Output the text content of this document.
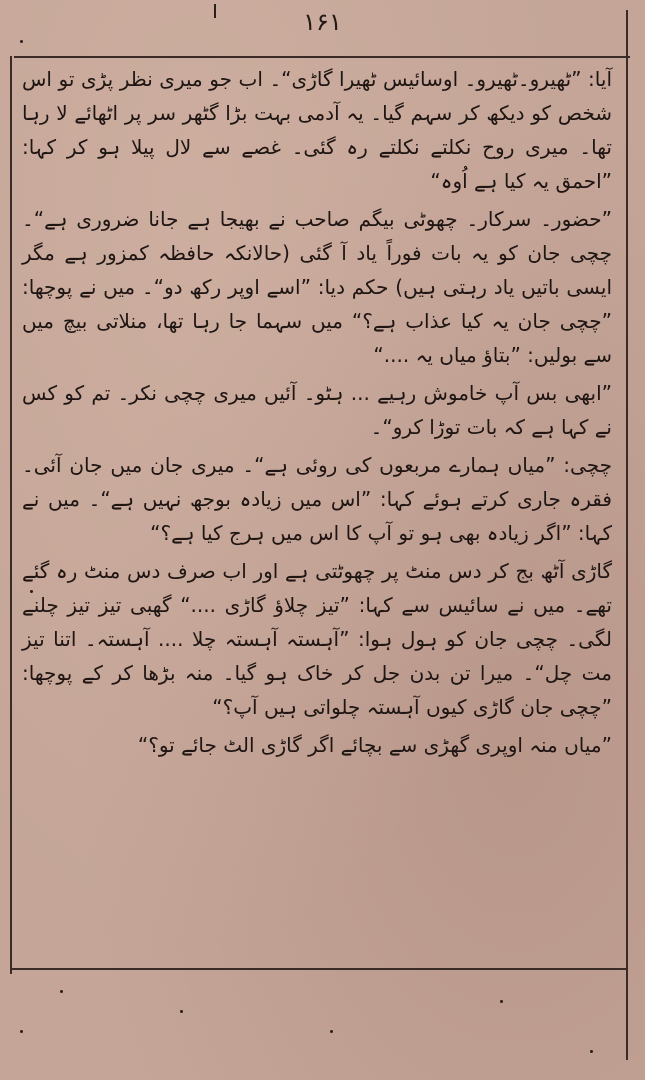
۱۶۱

آیا: ”ٹھیرو۔ٹھیرو۔ اوسائیس ٹھیرا گاڑی“۔ اب جو میری نظر پڑی تو اس شخص کو دیکھ کر سہم گیا۔ یہ آدمی بہت بڑا گٹھر سر پر اٹھائے لا رہا تھا۔ میری روح نکلتے نکلتے رہ گئی۔ غصے سے لال پیلا ہو کر کہا: ”احمق یہ کیا ہے اُوہ“

”حضور۔ سرکار۔ چھوٹی بیگم صاحب نے بھیجا ہے جانا ضروری ہے“۔ چچی جان کو یہ بات فوراً یاد آ گئی (حالانکہ حافظہ کمزور ہے مگر ایسی باتیں یاد رہتی ہیں) حکم دیا: ”اسے اوپر رکھ دو“۔ میں نے پوچھا: ”چچی جان یہ کیا عذاب ہے؟“ میں سہما جا رہا تھا، منلاتی بیچ میں سے بولیں: ”بتاؤ میاں یہ ....“

”ابھی بس آپ خاموش رہیے ... ہٹو۔ آئیں میری چچی نکر۔ تم کو کس نے کہا ہے کہ بات توڑا کرو“۔

چچی: ”میاں ہمارے مربعوں کی روئی ہے“۔ میری جان میں جان آئی۔ فقرہ جاری کرتے ہوئے کہا: ”اس میں زیادہ بوجھ نہیں ہے“۔ میں نے کہا: ”اگر زیادہ بھی ہو تو آپ کا اس میں ہرج کیا ہے؟“

گاڑی آٹھ بج کر دس منٹ پر چھوٹتی ہے اور اب صرف دس منٹ رہ گئے تھے۔ میں نے سائیس سے کہا: ”تیز چلاؤ گاڑی ....“ گھبی تیز تیز چلنے لگی۔ چچی جان کو ہول ہوا: ”آہستہ آہستہ چلا .... آہستہ۔ اتنا تیز مت چل“۔ میرا تن بدن جل کر خاک ہو گیا۔ منہ بڑھا کر کے پوچھا: ”چچی جان گاڑی کیوں آہستہ چلواتی ہیں آپ؟“

”میاں منہ اوپری گھڑی سے بچائے اگر گاڑی الٹ جائے تو؟“
